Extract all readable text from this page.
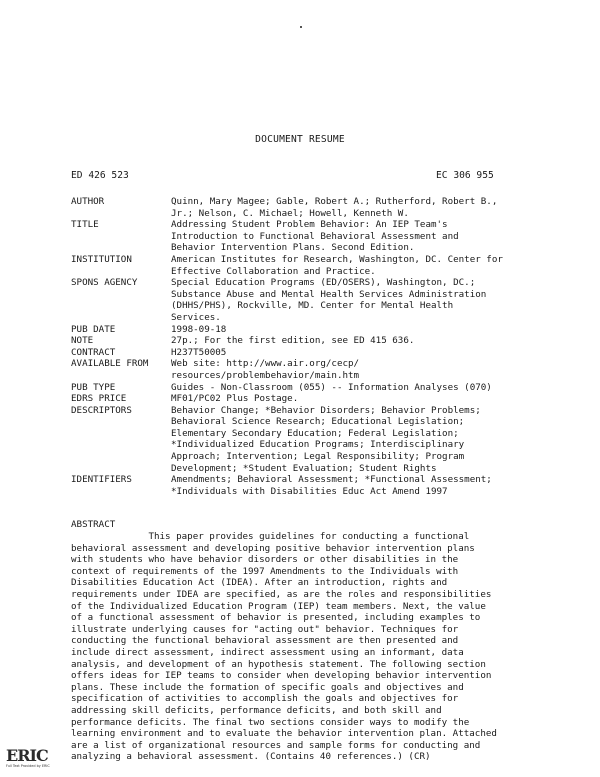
DOCUMENT RESUME
ED 426 523	EC 306 955
AUTHOR	Quinn, Mary Magee; Gable, Robert A.; Rutherford, Robert B.,
Jr.; Nelson, C. Michael; Howell, Kenneth W.
TITLE	Addressing Student Problem Behavior: An IEP Team's
Introduction to Functional Behavioral Assessment and
Behavior Intervention Plans. Second Edition.
INSTITUTION	American Institutes for Research, Washington, DC. Center for
Effective Collaboration and Practice.
SPONS AGENCY	Special Education Programs (ED/OSERS), Washington, DC.;
Substance Abuse and Mental Health Services Administration
(DHHS/PHS), Rockville, MD. Center for Mental Health
Services.
PUB DATE	1998-09-18
NOTE	27p.; For the first edition, see ED 415 636.
CONTRACT	H237T50005
AVAILABLE FROM	Web site: http://www.air.org/cecp/
resources/problembehavior/main.htm
PUB TYPE	Guides - Non-Classroom (055) -- Information Analyses (070)
EDRS PRICE	MF01/PC02 Plus Postage.
DESCRIPTORS	Behavior Change; *Behavior Disorders; Behavior Problems;
Behavioral Science Research; Educational Legislation;
Elementary Secondary Education; Federal Legislation;
*Individualized Education Programs; Interdisciplinary
Approach; Intervention; Legal Responsibility; Program
Development; *Student Evaluation; Student Rights
IDENTIFIERS	Amendments; Behavioral Assessment; *Functional Assessment;
*Individuals with Disabilities Educ Act Amend 1997
ABSTRACT
This paper provides guidelines for conducting a functional
behavioral assessment and developing positive behavior intervention plans
with students who have behavior disorders or other disabilities in the
context of requirements of the 1997 Amendments to the Individuals with
Disabilities Education Act (IDEA). After an introduction, rights and
requirements under IDEA are specified, as are the roles and responsibilities
of the Individualized Education Program (IEP) team members. Next, the value
of a functional assessment of behavior is presented, including examples to
illustrate underlying causes for "acting out" behavior. Techniques for
conducting the functional behavioral assessment are then presented and
include direct assessment, indirect assessment using an informant, data
analysis, and development of an hypothesis statement. The following section
offers ideas for IEP teams to consider when developing behavior intervention
plans. These include the formation of specific goals and objectives and
specification of activities to accomplish the goals and objectives for
addressing skill deficits, performance deficits, and both skill and
performance deficits. The final two sections consider ways to modify the
learning environment and to evaluate the behavior intervention plan. Attached
are a list of organizational resources and sample forms for conducting and
analyzing a behavioral assessment. (Contains 40 references.) (CR)
ERIC
Full Text Provided by ERIC
